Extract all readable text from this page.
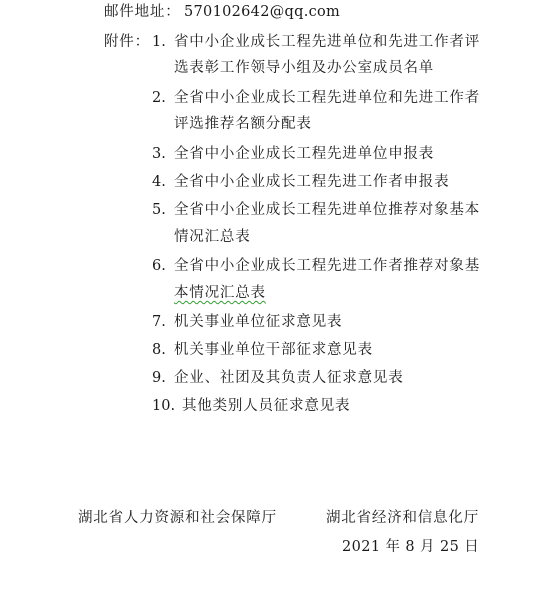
邮件地址： 570102642@qq.com
附件： 1. 省中小企业成长工程先进单位和先进工作者评
选表彰工作领导小组及办公室成员名单
2. 全省中小企业成长工程先进单位和先进工作者
评选推荐名额分配表
3. 全省中小企业成长工程先进单位申报表
4. 全省中小企业成长工程先进工作者申报表
5. 全省中小企业成长工程先进单位推荐对象基本
情况汇总表
6. 全省中小企业成长工程先进工作者推荐对象基
本情况汇总表
7. 机关事业单位征求意见表
8. 机关事业单位干部征求意见表
9. 企业、社团及其负责人征求意见表
10. 其他类别人员征求意见表
湖北省人力资源和社会保障厅	湖北省经济和信息化厅
2021 年 8 月 25 日
